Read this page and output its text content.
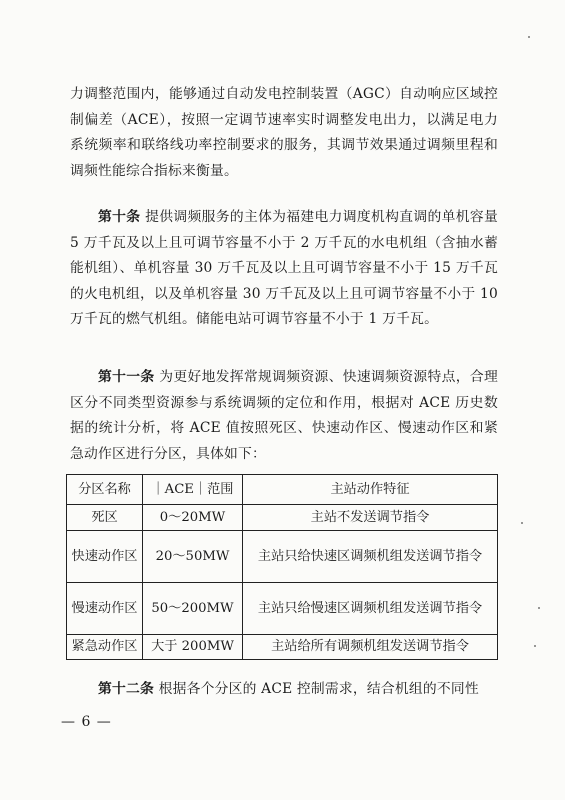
力调整范围内，能够通过自动发电控制装置（AGC）自动响应区域控制偏差（ACE），按照一定调节速率实时调整发电出力，以满足电力系统频率和联络线功率控制要求的服务，其调节效果通过调频里程和调频性能综合指标来衡量。

第十条 提供调频服务的主体为福建电力调度机构直调的单机容量 5 万千瓦及以上且可调节容量不小于 2 万千瓦的水电机组（含抽水蓄能机组）、单机容量 30 万千瓦及以上且可调节容量不小于 15 万千瓦的火电机组，以及单机容量 30 万千瓦及以上且可调节容量不小于 10 万千瓦的燃气机组。储能电站可调节容量不小于 1 万千瓦。

第十一条 为更好地发挥常规调频资源、快速调频资源特点，合理区分不同类型资源参与系统调频的定位和作用，根据对 ACE 历史数据的统计分析，将 ACE 值按照死区、快速动作区、慢速动作区和紧急动作区进行分区，具体如下：

分区名称	｜ACE｜范围	主站动作特征
死区	0～20MW	主站不发送调节指令
快速动作区	20～50MW	主站只给快速区调频机组发送调节指令
慢速动作区	50～200MW	主站只给慢速区调频机组发送调节指令
紧急动作区	大于 200MW	主站给所有调频机组发送调节指令

第十二条 根据各个分区的 ACE 控制需求，结合机组的不同性

— 6 —
